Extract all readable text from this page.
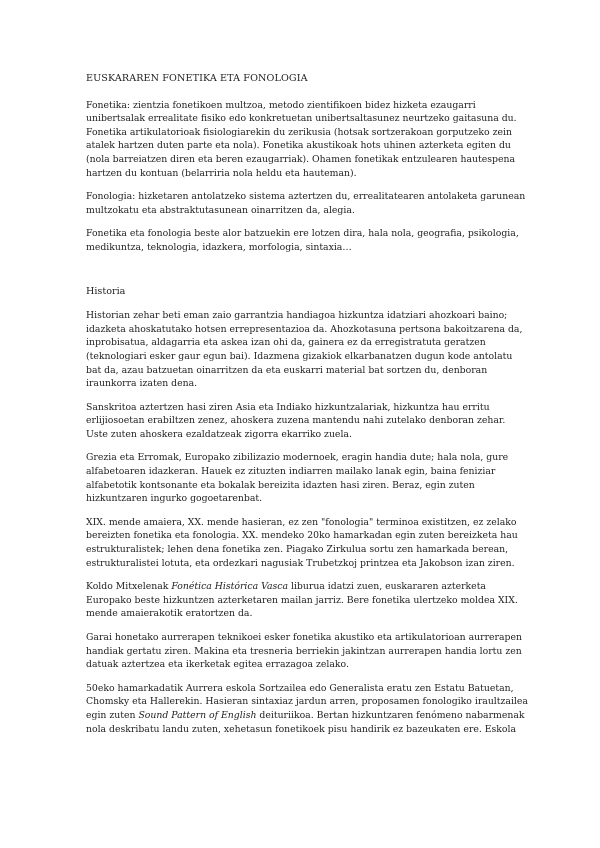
EUSKARAREN FONETIKA ETA FONOLOGIA

Fonetika: zientzia fonetikoen multzoa, metodo zientifikoen bidez hizketa ezaugarri unibertsalak errealitate fisiko edo konkretuetan unibertsaltasunez neurtzeko gaitasuna du. Fonetika artikulatorioak fisiologiarekin du zerikusia (hotsak sortzerakoan gorputzeko zein atalek hartzen duten parte eta nola). Fonetika akustikoak hots uhinen azterketa egiten du (nola barreiatzen diren eta beren ezaugarriak). Ohamen fonetikak entzulearen hautespena hartzen du kontuan (belarriria nola heldu eta hauteman).

Fonologia: hizketaren antolatzeko sistema aztertzen du, errealitatearen antolaketa garunean multzokatu eta abstraktutasunean oinarritzen da, alegia.

Fonetika eta fonologia beste alor batzuekin ere lotzen dira, hala nola, geografia, psikologia, medikuntza, teknologia, idazkera, morfologia, sintaxia…

Historia

Historian zehar beti eman zaio garrantzia handiagoa hizkuntza idatziari ahozkoari baino; idazketa ahoskatutako hotsen errepresentazioa da. Ahozkotasuna pertsona bakoitzarena da, inprobisatua, aldagarria eta askea izan ohi da, gainera ez da erregistratuta geratzen (teknologiari esker gaur egun bai). Idazmena gizakiok elkarbanatzen dugun kode antolatu bat da, azau batzuetan oinarritzen da eta euskarri material bat sortzen du, denboran iraunkorra izaten dena.

Sanskritoa aztertzen hasi ziren Asia eta Indiako hizkuntzalariak, hizkuntza hau erritu erlijiosoetan erabiltzen zenez, ahoskera zuzena mantendu nahi zutelako denboran zehar. Uste zuten ahoskera ezaldatzeak zigorra ekarriko zuela.

Grezia eta Erromak, Europako zibilizazio modernoek, eragin handia dute; hala nola, gure alfabetoaren idazkeran. Hauek ez zituzten indiarren mailako lanak egin, baina feniziar alfabetotik kontsonante eta bokalak bereizita idazten hasi ziren. Beraz, egin zuten hizkuntzaren ingurko gogoetarenbat.

XIX. mende amaiera, XX. mende hasieran, ez zen "fonologia" terminoa existitzen, ez zelako bereizten fonetika eta fonologia. XX. mendeko 20ko hamarkadan egin zuten bereizketa hau estrukturalistek; lehen dena fonetika zen. Piagako Zirkulua sortu zen hamarkada berean, estrukturalistei lotuta, eta ordezkari nagusiak Trubetzkoj printzea eta Jakobson izan ziren.

Koldo Mitxelenak Fonética Histórica Vasca liburua idatzi zuen, euskararen azterketa Europako beste hizkuntzen azterketaren mailan jarriz. Bere fonetika ulertzeko moldea XIX. mende amaierakotik eratortzen da.

Garai honetako aurrerapen teknikoei esker fonetika akustiko eta artikulatorioan aurrerapen handiak gertatu ziren. Makina eta tresneria berriekin jakintzan aurrerapen handia lortu zen datuak aztertzea eta ikerketak egitea errazagoa zelako.

50eko hamarkadatik Aurrera eskola Sortzailea edo Generalista eratu zen Estatu Batuetan, Chomsky eta Hallerekin. Hasieran sintaxiaz jardun arren, proposamen fonologiko iraultzailea egin zuten Sound Pattern of English deituriikoa. Bertan hizkuntzaren fenómeno nabarmenak nola deskribatu landu zuten, xehetasun fonetikoek pisu handirik ez bazeukaten ere. Eskola
